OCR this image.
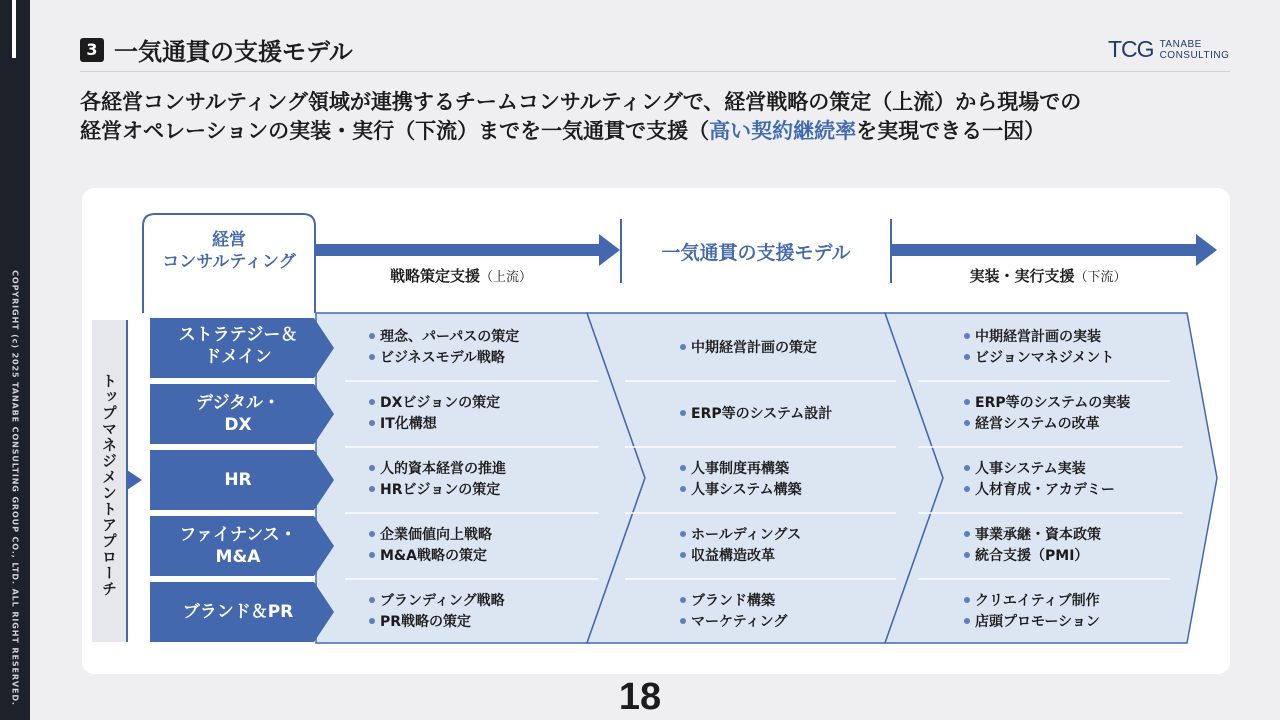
COPYRIGHT (c) 2025 TANABE CONSULTING GROUP CO., LTD. ALL RIGHT RESERVED.
3 一気通貫の支援モデル	TCG TANABE
CONSULTING

各経営コンサルティング領域が連携するチームコンサルティングで、経営戦略の策定（上流）から現場での

経営オペレーションの実装・実行（下流）までを一気通貫で支援（高い契約継続率を実現できる一因）

経営
コンサルティング
戦略策定支援（上流）
一気通貫の支援モデル
実装・実行支援（下流）
トップマネジメントアプローチ
ストラテジー＆
ドメイン
理念、パーパスの策定
ビジネスモデル戦略
中期経営計画の策定
中期経営計画の実装
ビジョンマネジメント
デジタル・
DX
DXビジョンの策定
IT化構想
ERP等のシステム設計
ERP等のシステムの実装
経営システムの改革
HR
人的資本経営の推進
HRビジョンの策定
人事制度再構築
人事システム構築
人事システム実装
人材育成・アカデミー
ファイナンス・
M&A
企業価値向上戦略
M&A戦略の策定
ホールディングス
収益構造改革
事業承継・資本政策
統合支援（PMI）
ブランド＆PR
ブランディング戦略
PR戦略の策定
ブランド構築
マーケティング
クリエイティブ制作
店頭プロモーション
18
